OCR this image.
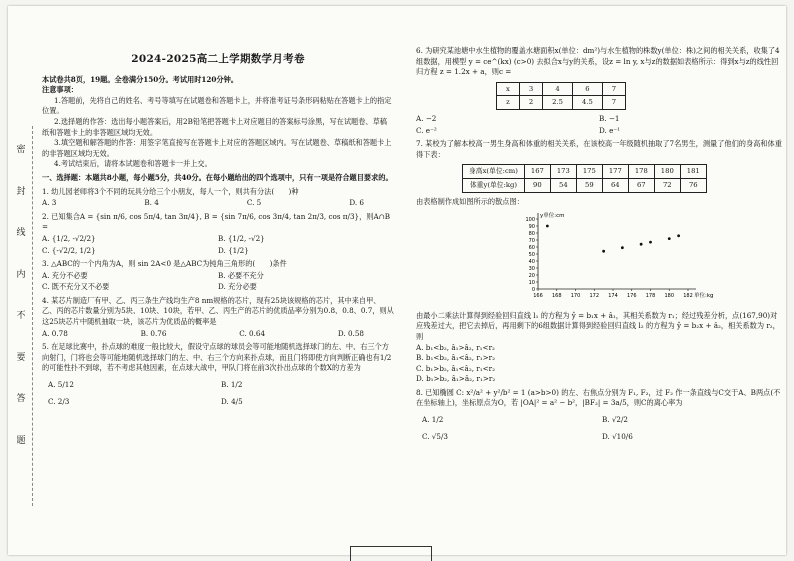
密
封
线
内
不
要
答
题

2024-2025高二上学期数学月考卷

本试卷共8页，19题。全卷满分150分。考试用时120分钟。

注意事项：

1.答题前，先将自己的姓名、考号等填写在试题卷和答题卡上，并将准考证号条形码粘贴在答题卡上的指定位置。

2.选择题的作答：选出每小题答案后，用2B铅笔把答题卡上对应题目的答案标号涂黑，写在试题卷、草稿纸和答题卡上的非答题区域均无效。

3.填空题和解答题的作答：用签字笔直接写在答题卡上对应的答题区域内。写在试题卷、草稿纸和答题卡上的非答题区域均无效。

4.考试结束后，请将本试题卷和答题卡一并上交。

一、选择题：本题共8小题，每小题5分，共40分。在每小题给出的四个选项中，只有一项是符合题目要求的。

1. 幼儿园老师将3个不同的玩具分给三个小朋友，每人一个，则共有分法(　　)种

A. 3	B. 4	C. 5	D. 6

2. 已知集合A = {sin π/6, cos 5π/4, tan 3π/4}, B = {sin 7π/6, cos 3π/4, tan 2π/3, cos π/3}，则A∩B =

A. {1/2, -√2/2}	B. {1/2, -√2}
C. {-√2/2, 1/2}	D. {1/2}

3. △ABC的一个内角为A，则 sin 2A<0 是△ABC为钝角三角形的(　　)条件

A. 充分不必要	B. 必要不充分
C. 既不充分又不必要	D. 充分必要

4. 某芯片制造厂有甲、乙、丙三条生产线均生产8 nm规格的芯片，现有25块该规格的芯片，其中来自甲、乙、丙的芯片数量分别为5块、10块、10块，若甲、乙、丙生产的芯片的优质品率分别为0.8、0.8、0.7，则从这25块芯片中随机抽取一块，该芯片为优质品的概率是

A. 0.78	B. 0.76	C. 0.64	D. 0.58

5. 在足球比赛中，扑点球的难度一般比较大，假设守点球的球员会等可能地随机选择球门的左、中、右三个方向射门，门将也会等可能地随机选择球门的左、中、右三个方向来扑点球，而且门将即使方向判断正确也有1/2的可能性扑不到球，若不考虑其他因素，在点球大战中，甲队门将在前3次扑出点球的个数X的方差为

A. 5/12	B. 1/2
C. 2/3	D. 4/5

6. 为研究某池塘中水生植物的覆盖水塘面积x(单位：dm²)与水生植物的株数y(单位：株)之间的相关关系，收集了4组数据，用模型 y = ce^(kx) (c>0) 去拟合x与y的关系，设z = ln y, x与z的数据如表格所示：得到x与z的线性回归方程 z = 1.2x + a，则c =

x	3	4	6	7
z	2	2.5	4.5	7
A. −2	B. −1
C. e⁻²	D. e⁻¹

7. 某校为了解本校高一男生身高和体重的相关关系，在该校高一年级随机抽取了7名男生，测量了他们的身高和体重得下表：

身高x(单位:cm)	167	173	175	177	178	180	181
体重y(单位:kg)	90	54	59	64	67	72	76

由表格制作成如图所示的散点图：

y单位:cm
0
10
20
30
40
50
60
70
80
90
100
166 168 170 172 174 176 178 180 182 单位:kg

由最小二乘法计算得到经验回归直线 l₁ 的方程为 ŷ = b₁x + â₁，其相关系数为 r₁；经过残差分析，点(167,90)对应残差过大，把它去掉后，再用剩下的6组数据计算得到经验回归直线 l₂ 的方程为 ŷ = b₂x + â₂，相关系数为 r₂，则

A. b₁<b₂, â₁>â₂, r₁<r₂

B. b₁<b₂, â₁<â₂, r₁>r₂

C. b₁>b₂, â₁<â₂, r₁<r₂

D. b₁>b₂, â₁>â₂, r₁>r₂

8. 已知椭圆 C: x²/a² + y²/b² = 1 (a>b>0) 的左、右焦点分别为 F₁, F₂，过 F₂ 作一条直线与C交于A、B两点(不在坐标轴上)，坐标原点为O，若 |OA|² = a² − b²，|BF₂| = 3a/5，则C的离心率为

A. 1/2	B. √2/2
C. √5/3	D. √10/6
